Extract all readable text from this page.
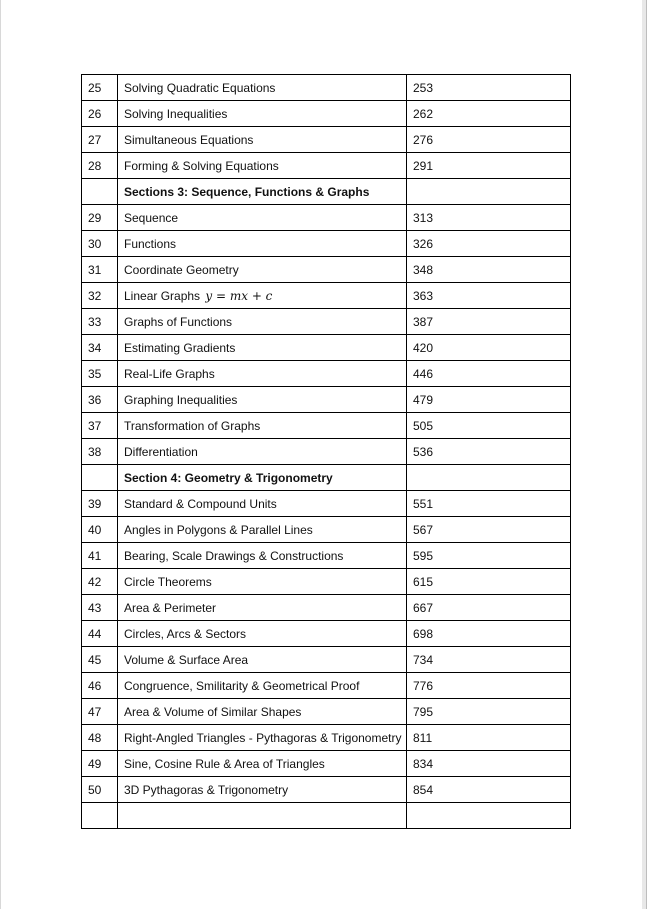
25	Solving Quadratic Equations	253
26	Solving Inequalities	262
27	Simultaneous Equations	276
28	Forming & Solving Equations	291
	Sections 3: Sequence, Functions & Graphs	
29	Sequence	313
30	Functions	326
31	Coordinate Geometry	348
32	Linear Graphs y = mx + c	363
33	Graphs of Functions	387
34	Estimating Gradients	420
35	Real-Life Graphs	446
36	Graphing Inequalities	479
37	Transformation of Graphs	505
38	Differentiation	536
	Section 4: Geometry & Trigonometry	
39	Standard & Compound Units	551
40	Angles in Polygons & Parallel Lines	567
41	Bearing, Scale Drawings & Constructions	595
42	Circle Theorems	615
43	Area & Perimeter	667
44	Circles, Arcs & Sectors	698
45	Volume & Surface Area	734
46	Congruence, Smilitarity & Geometrical Proof	776
47	Area & Volume of Similar Shapes	795
48	Right-Angled Triangles - Pythagoras & Trigonometry	811
49	Sine, Cosine Rule & Area of Triangles	834
50	3D Pythagoras & Trigonometry	854
